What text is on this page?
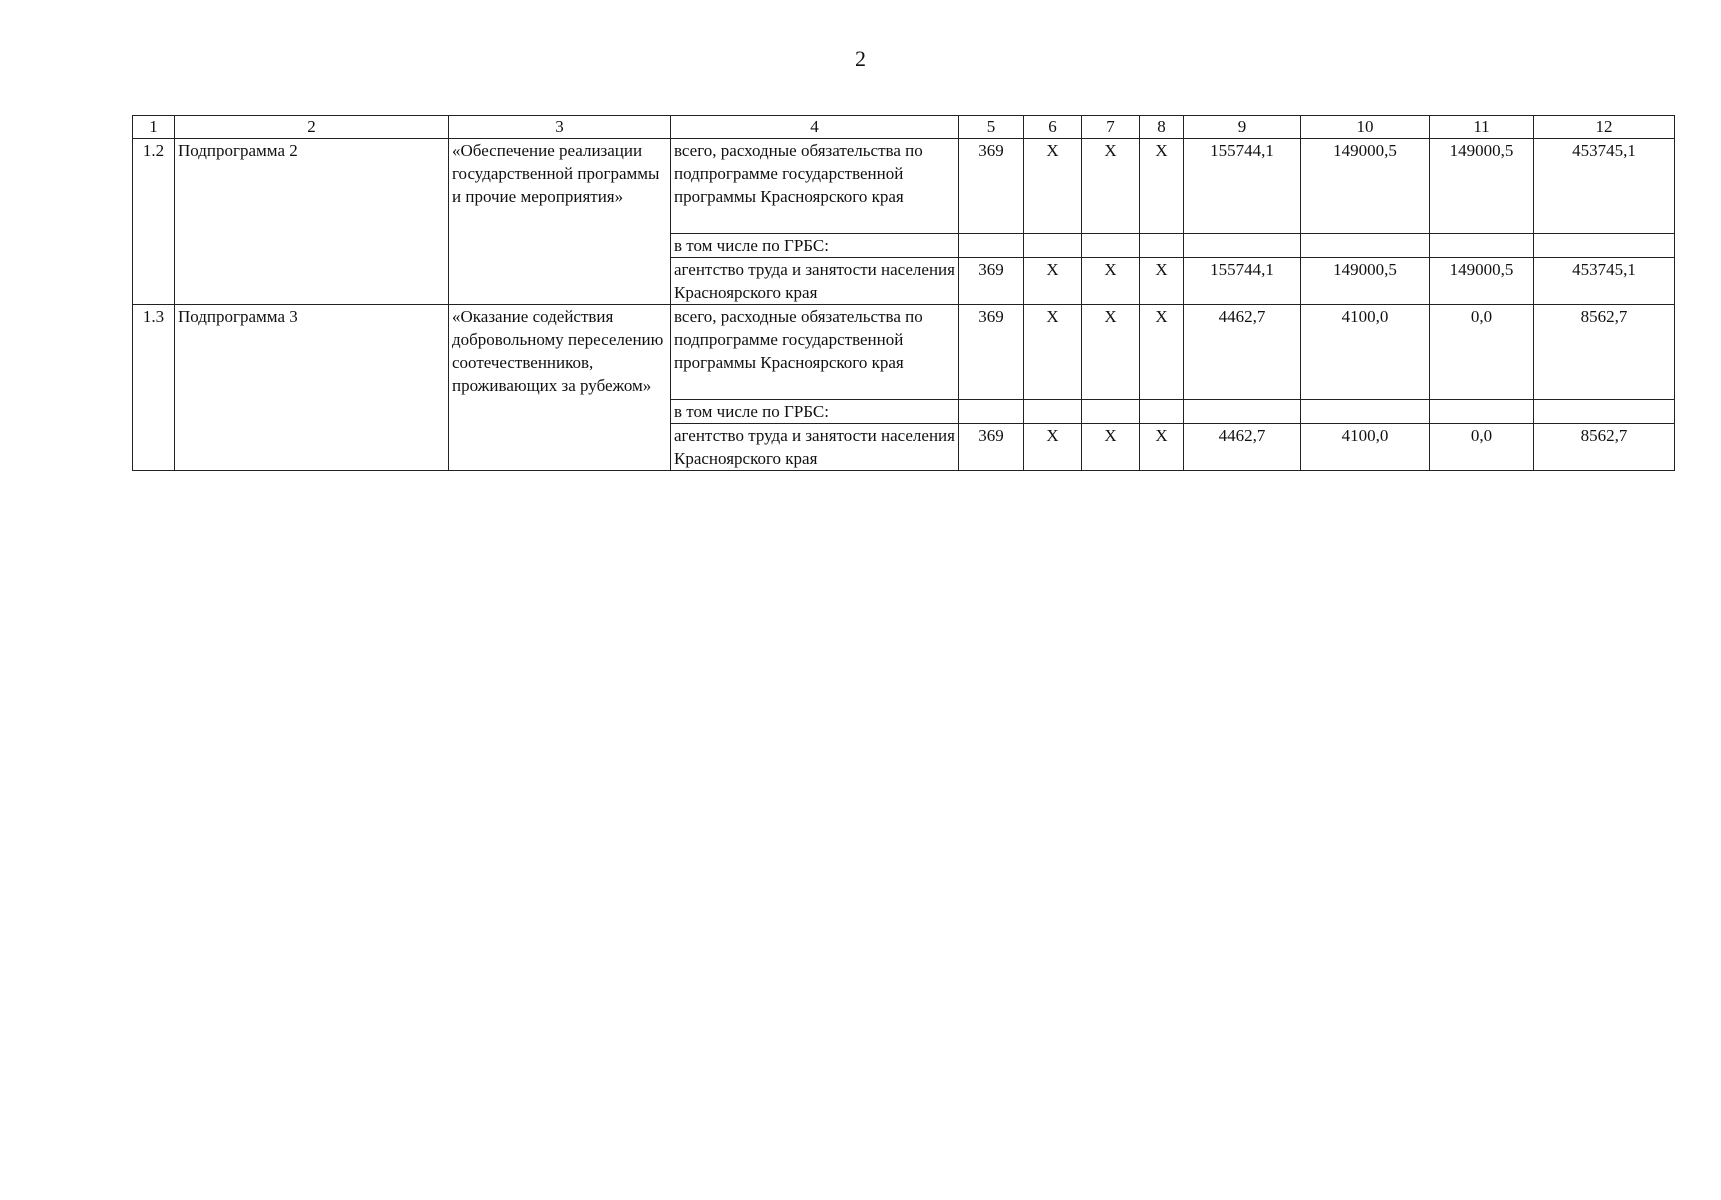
2
1	2	3	4	5	6	7	8	9	10	11	12
1.2	Подпрограмма 2	«Обеспечение реализации государственной программы и прочие мероприятия»	всего, расходные обязательства по подпрограмме государственной программы Красноярского края	369	Х	Х	Х	155744,1	149000,5	149000,5	453745,1
			в том числе по ГРБС:								
			агентство труда и занятости населения Красноярского края	369	Х	Х	Х	155744,1	149000,5	149000,5	453745,1
1.3	Подпрограмма 3	«Оказание содействия добровольному переселению соотечественников, проживающих за рубежом»	всего, расходные обязательства по подпрограмме государственной программы Красноярского края	369	Х	Х	Х	4462,7	4100,0	0,0	8562,7
			в том числе по ГРБС:								
			агентство труда и занятости населения Красноярского края	369	Х	Х	Х	4462,7	4100,0	0,0	8562,7
